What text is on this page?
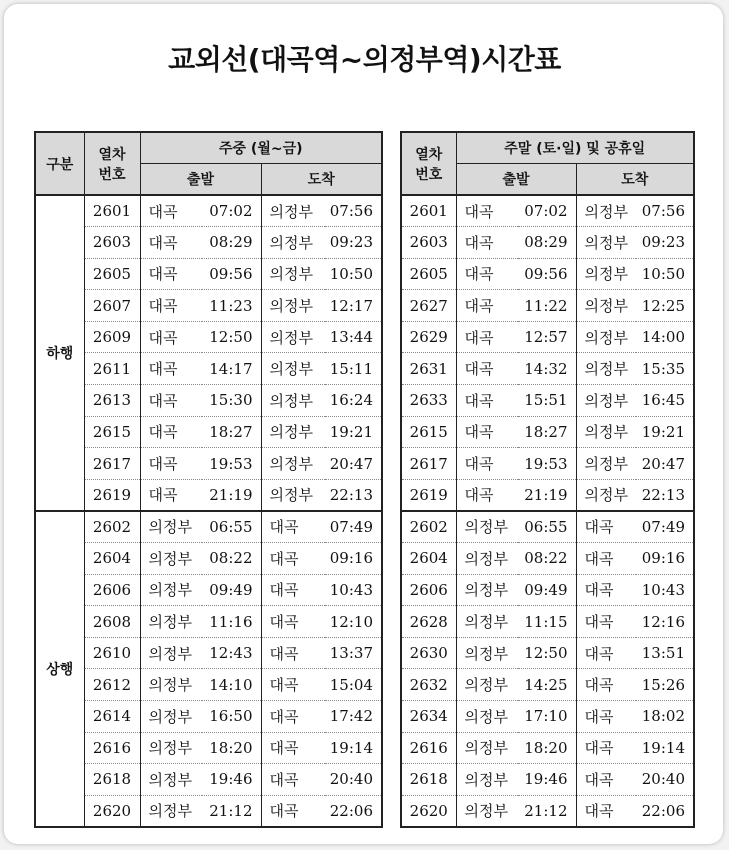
교외선(대곡역~의정부역)시간표
구분	열차
번호	주중 (월~금)			
		출발		도착	
하행	2601	대곡	07:02	의정부	07:56
	2603	대곡	08:29	의정부	09:23
	2605	대곡	09:56	의정부	10:50
	2607	대곡	11:23	의정부	12:17
	2609	대곡	12:50	의정부	13:44
	2611	대곡	14:17	의정부	15:11
	2613	대곡	15:30	의정부	16:24
	2615	대곡	18:27	의정부	19:21
	2617	대곡	19:53	의정부	20:47
	2619	대곡	21:19	의정부	22:13
상행	2602	의정부	06:55	대곡	07:49
	2604	의정부	08:22	대곡	09:16
	2606	의정부	09:49	대곡	10:43
	2608	의정부	11:16	대곡	12:10
	2610	의정부	12:43	대곡	13:37
	2612	의정부	14:10	대곡	15:04
	2614	의정부	16:50	대곡	17:42
	2616	의정부	18:20	대곡	19:14
	2618	의정부	19:46	대곡	20:40
	2620	의정부	21:12	대곡	22:06
열차
번호	주말 (토·일) 및 공휴일			
	출발		도착	
2601	대곡	07:02	의정부	07:56
2603	대곡	08:29	의정부	09:23
2605	대곡	09:56	의정부	10:50
2627	대곡	11:22	의정부	12:25
2629	대곡	12:57	의정부	14:00
2631	대곡	14:32	의정부	15:35
2633	대곡	15:51	의정부	16:45
2615	대곡	18:27	의정부	19:21
2617	대곡	19:53	의정부	20:47
2619	대곡	21:19	의정부	22:13
2602	의정부	06:55	대곡	07:49
2604	의정부	08:22	대곡	09:16
2606	의정부	09:49	대곡	10:43
2628	의정부	11:15	대곡	12:16
2630	의정부	12:50	대곡	13:51
2632	의정부	14:25	대곡	15:26
2634	의정부	17:10	대곡	18:02
2616	의정부	18:20	대곡	19:14
2618	의정부	19:46	대곡	20:40
2620	의정부	21:12	대곡	22:06
